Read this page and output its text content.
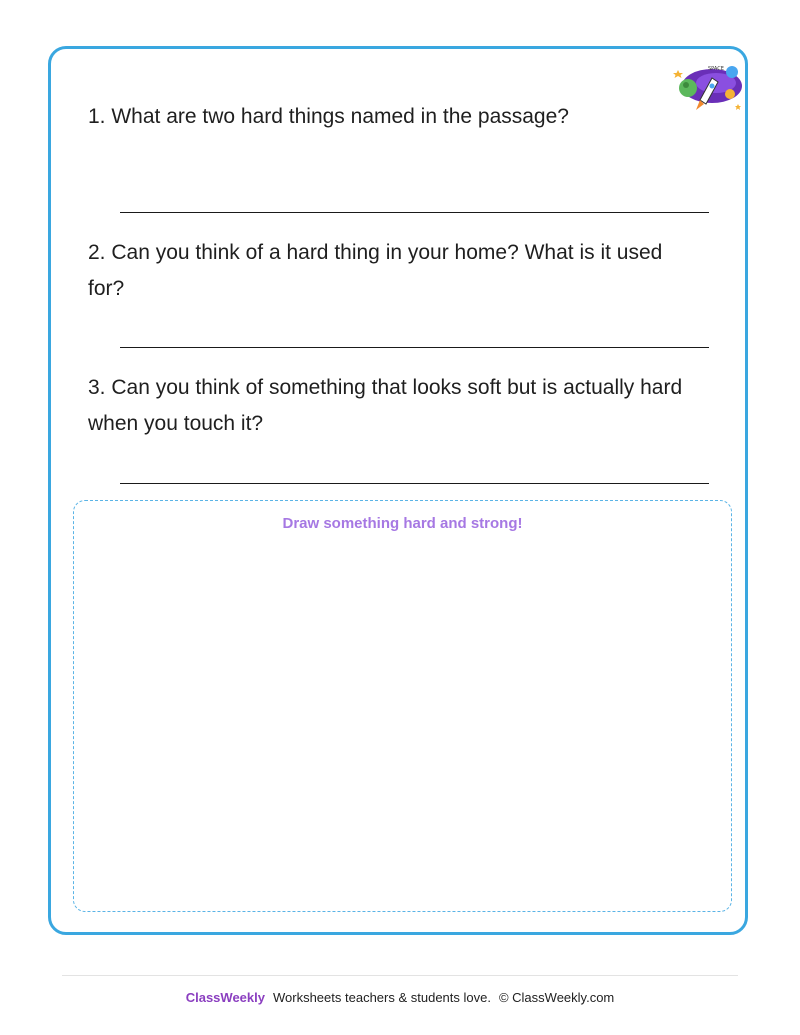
SPACE
1. What are two hard things named in the passage?
2. Can you think of a hard thing in your home? What is it used for?
3. Can you think of something that looks soft but is actually hard when you touch it?
Draw something hard and strong!
ClassWeekly Worksheets teachers & students love. © ClassWeekly.com
